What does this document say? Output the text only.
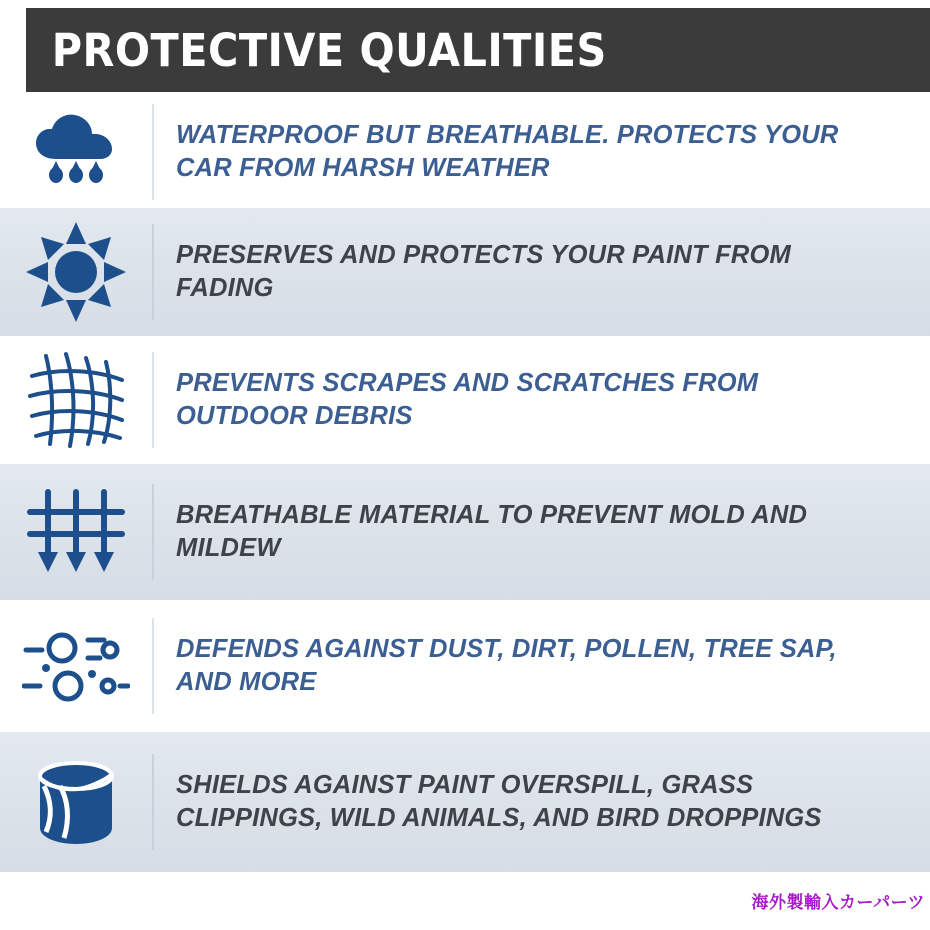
PROTECTIVE QUALITIES
WATERPROOF BUT BREATHABLE. PROTECTS YOUR CAR FROM HARSH WEATHER
PRESERVES AND PROTECTS YOUR PAINT FROM FADING
PREVENTS SCRAPES AND SCRATCHES FROM OUTDOOR DEBRIS
BREATHABLE MATERIAL TO PREVENT MOLD AND MILDEW
DEFENDS AGAINST DUST, DIRT, POLLEN, TREE SAP, AND MORE
SHIELDS AGAINST PAINT OVERSPILL, GRASS CLIPPINGS, WILD ANIMALS, AND BIRD DROPPINGS
海外製輸入カーパーツ
